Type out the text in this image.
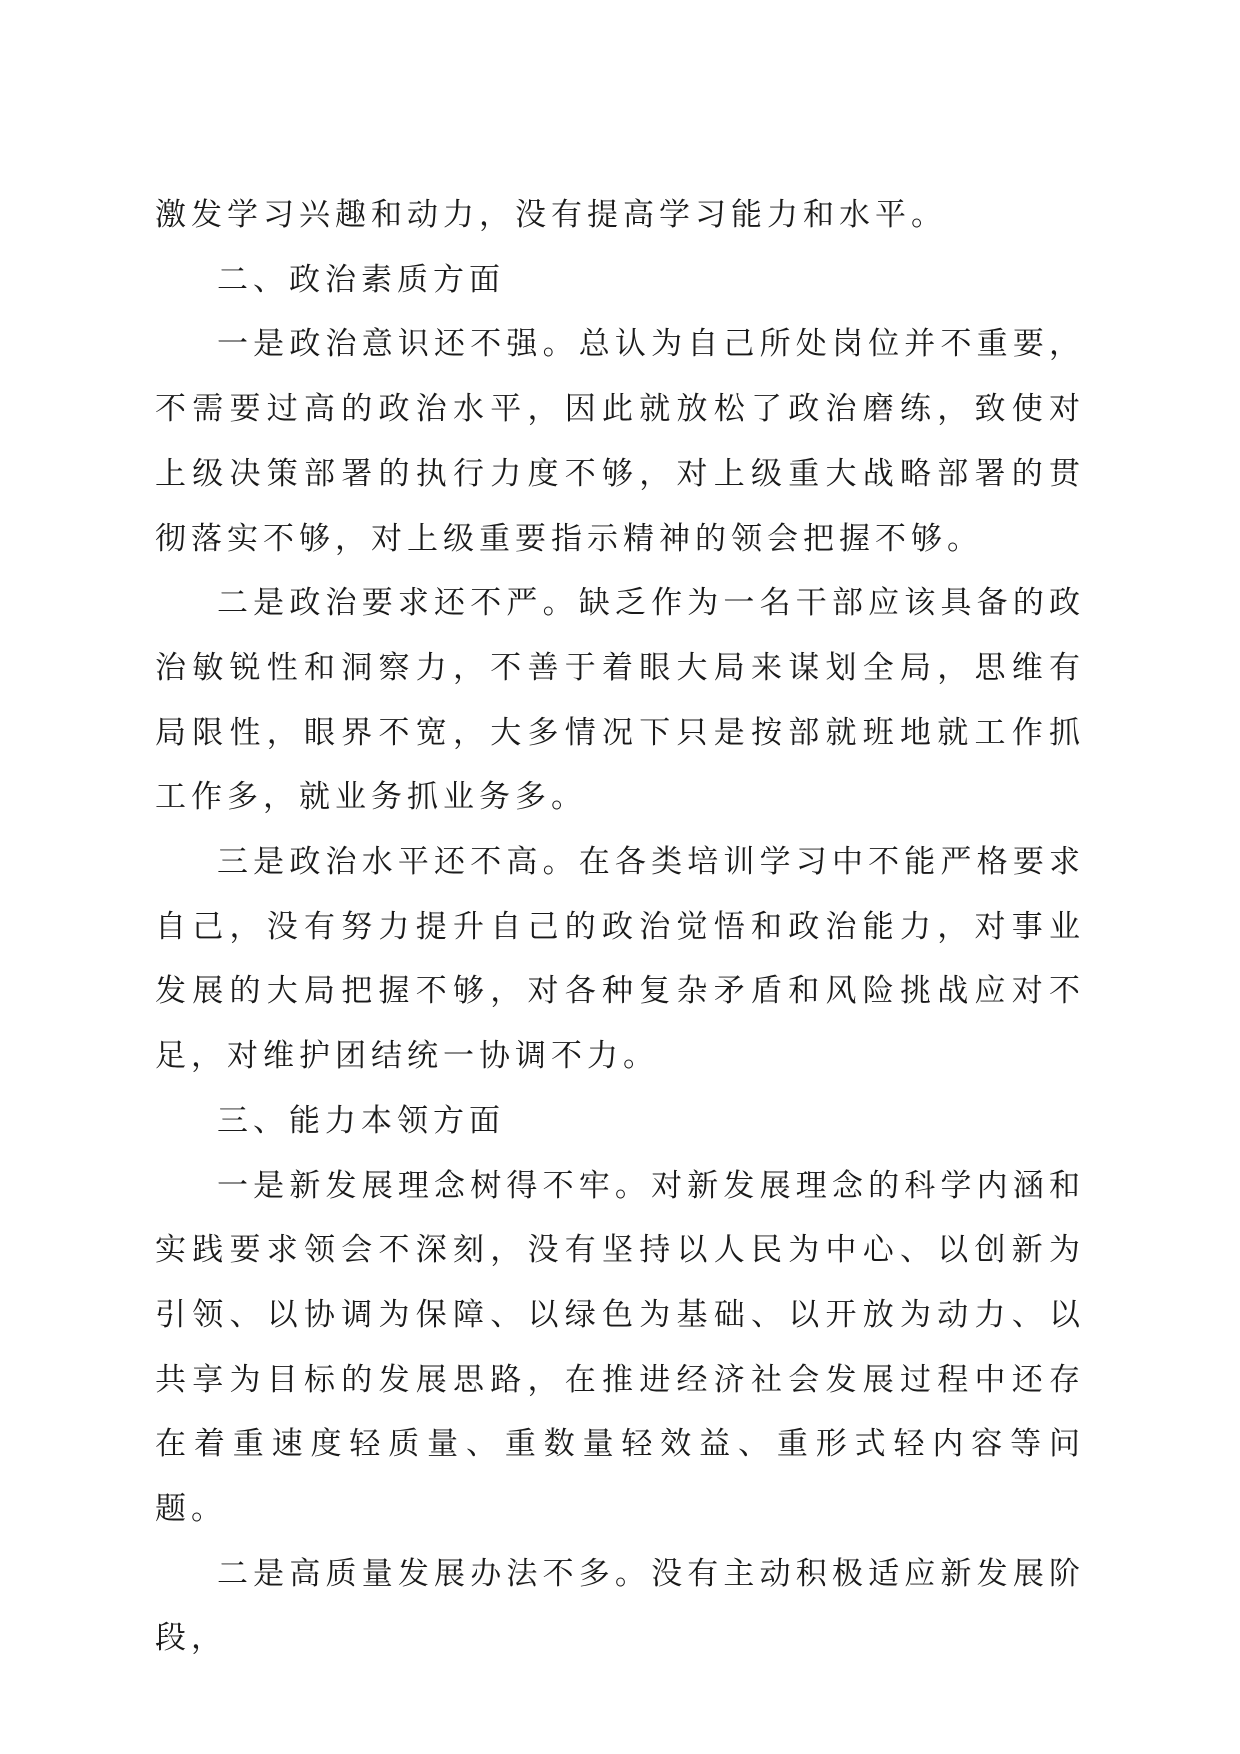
激发学习兴趣和动力，没有提高学习能力和水平。

二、政治素质方面

一是政治意识还不强。总认为自己所处岗位并不重要，不需要过高的政治水平，因此就放松了政治磨练，致使对上级决策部署的执行力度不够，对上级重大战略部署的贯彻落实不够，对上级重要指示精神的领会把握不够。

二是政治要求还不严。缺乏作为一名干部应该具备的政治敏锐性和洞察力，不善于着眼大局来谋划全局，思维有局限性，眼界不宽，大多情况下只是按部就班地就工作抓工作多，就业务抓业务多。

三是政治水平还不高。在各类培训学习中不能严格要求自己，没有努力提升自己的政治觉悟和政治能力，对事业发展的大局把握不够，对各种复杂矛盾和风险挑战应对不足，对维护团结统一协调不力。

三、能力本领方面

一是新发展理念树得不牢。对新发展理念的科学内涵和实践要求领会不深刻，没有坚持以人民为中心、以创新为引领、以协调为保障、以绿色为基础、以开放为动力、以共享为目标的发展思路，在推进经济社会发展过程中还存在着重速度轻质量、重数量轻效益、重形式轻内容等问题。

二是高质量发展办法不多。没有主动积极适应新发展阶段，
